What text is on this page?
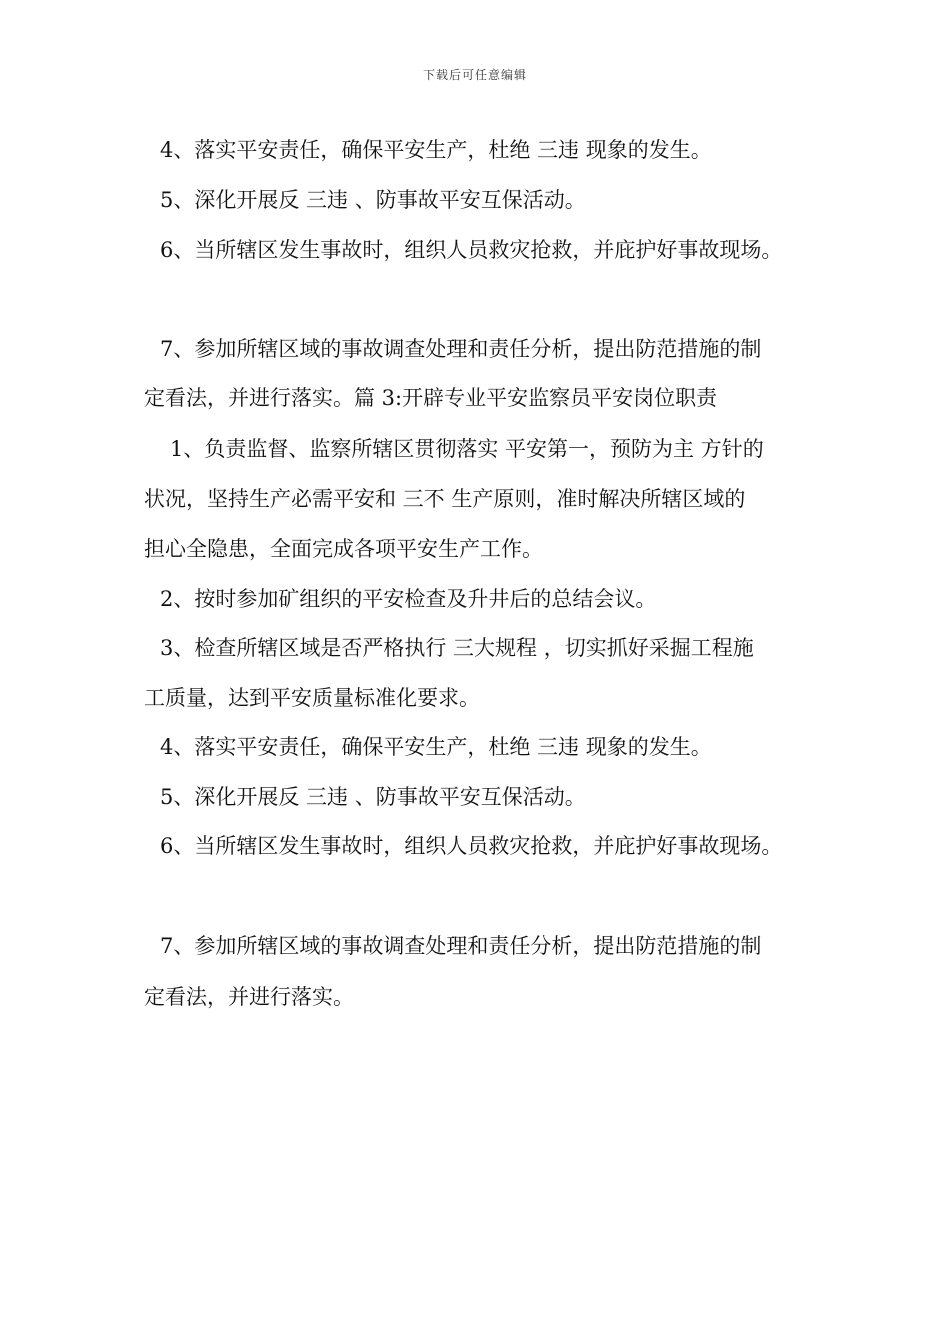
下载后可任意编辑
4、落实平安责任，确保平安生产，杜绝 三违 现象的发生。
5、深化开展反 三违 、防事故平安互保活动。
6、当所辖区发生事故时，组织人员救灾抢救，并庇护好事故现场。
7、参加所辖区域的事故调查处理和责任分析，提出防范措施的制
定看法，并进行落实。篇 3:开辟专业平安监察员平安岗位职责
1、负责监督、监察所辖区贯彻落实 平安第一，预防为主 方针的
状况，坚持生产必需平安和 三不 生产原则，准时解决所辖区域的
担心全隐患，全面完成各项平安生产工作。
2、按时参加矿组织的平安检查及升井后的总结会议。
3、检查所辖区域是否严格执行 三大规程 ，切实抓好采掘工程施
工质量，达到平安质量标准化要求。
4、落实平安责任，确保平安生产，杜绝 三违 现象的发生。
5、深化开展反 三违 、防事故平安互保活动。
6、当所辖区发生事故时，组织人员救灾抢救，并庇护好事故现场。
7、参加所辖区域的事故调查处理和责任分析，提出防范措施的制
定看法，并进行落实。
